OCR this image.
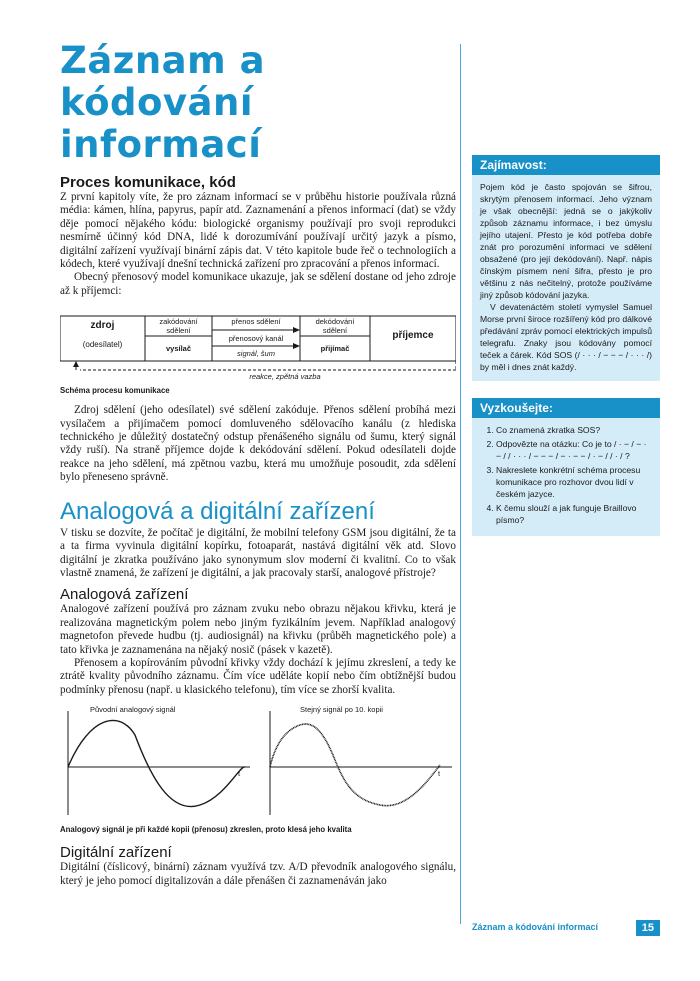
Záznam a kódování informací
Proces komunikace, kód

Z první kapitoly víte, že pro záznam informací se v průběhu historie používala různá média: kámen, hlína, papyrus, papír atd. Zaznamenání a přenos informací (dat) se vždy děje pomocí nějakého kódu: biologické organismy používají pro svoji reprodukci nesmírně účinný kód DNA, lidé k dorozumívání používají určitý jazyk a písmo, digitální zařízení využívají binární zápis dat. V této kapitole bude řeč o technologiích a kódech, které využívají dnešní technická zařízení pro zpracování a přenos informací.

Obecný přenosový model komunikace ukazuje, jak se sdělení dostane od jeho zdroje až k příjemci:

zdroj
(odesílatel)
zakódování
sdělení
vysílač
přenos sdělení
přenosový kanál
signál, šum
dekódování
sdělení
přijímač
příjemce
reakce, zpětná vazba
Schéma procesu komunikace

Zdroj sdělení (jeho odesílatel) své sdělení zakóduje. Přenos sdělení probíhá mezi vysílačem a přijímačem pomocí domluveného sdělovacího kanálu (z hlediska technického je důležitý dostatečný odstup přenášeného signálu od šumu, který signál vždy ruší). Na straně příjemce dojde k dekódování sdělení. Pokud odesílateli dojde reakce na jeho sdělení, má zpětnou vazbu, která mu umožňuje posoudit, zda sdělení bylo přeneseno správně.

Analogová a digitální zařízení

V tisku se dozvíte, že počítač je digitální, že mobilní telefony GSM jsou digitální, že ta a ta firma vyvinula digitální kopírku, fotoaparát, nastává digitální věk atd. Slovo digitální je zkratka používáno jako synonymum slov moderní či kvalitní. Co to však vlastně znamená, že zařízení je digitální, a jak pracovaly starší, analogové přístroje?

Analogová zařízení

Analogové zařízení používá pro záznam zvuku nebo obrazu nějakou křivku, která je realizována magnetickým polem nebo jiným fyzikálním jevem. Například analogový magnetofon převede hudbu (tj. audiosignál) na křivku (průběh magnetického pole) a tato křivka je zaznamenána na nějaký nosič (pásek v kazetě).

Přenosem a kopírováním původní křivky vždy dochází k jejímu zkreslení, a tedy ke ztrátě kvality původního záznamu. Čím více uděláte kopií nebo čím obtížnější budou podmínky přenosu (např. u klasického telefonu), tím více se zhorší kvalita.

Původní analogový signál	Stejný signál po 10. kopii
t	t
Analogový signál je při každé kopii (přenosu) zkreslen, proto klesá jeho kvalita
Digitální zařízení

Digitální (číslicový, binární) záznam využívá tzv. A/D převodník analogového signálu, který je jeho pomocí digitalizován a dále přenášen či zaznamenáván jako

Zajímavost:
Pojem kód je často spojován se šifrou, skrytým přenosem informací. Jeho význam je však obecnější: jedná se o jakýkoliv způsob záznamu informace, i bez úmyslu jejího utajení. Přesto je kód potřeba dobře znát pro porozumění informaci ve sdělení obsažené (pro její dekódování). Např. nápis čínským písmem není šifra, přesto je pro většinu z nás nečitelný, protože používáme jiný způsob kódování jazyka.
V devatenáctém století vymyslel Samuel Morse první široce rozšířený kód pro dálkové předávání zpráv pomocí elektrických impulsů telegrafu. Znaky jsou kódovány pomocí teček a čárek. Kód SOS (/ · · · / − − − / · · · /) by měl i dnes znát každý.
Vyzkoušejte:
1. Co znamená zkratka SOS?
2. Odpovězte na otázku: Co je to / · − / − · − / / · · · / − − − / − · − − / · − / / · / ?
3. Nakreslete konkrétní schéma procesu komunikace pro rozhovor dvou lidí v českém jazyce.
4. K čemu slouží a jak funguje Braillovo písmo?
Záznam a kódování informací	15
